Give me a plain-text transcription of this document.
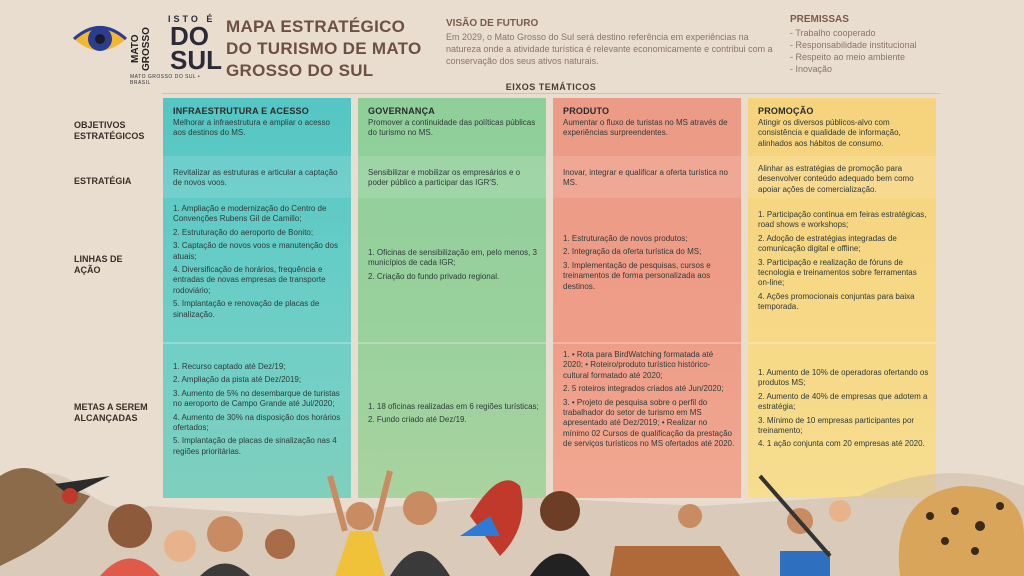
ISTO É
MATO GROSSO DO
SUL
MATO GROSSO DO SUL • BRASIL
MAPA ESTRATÉGICO DO TURISMO DE MATO GROSSO DO SUL
VISÃO DE FUTURO

Em 2029, o Mato Grosso do Sul será destino referência em experiências na natureza onde a atividade turística é relevante economicamente e contribui com a conservação dos seus ativos naturais.

PREMISSAS
- Trabalho cooperado
- Responsabilidade institucional
- Respeito ao meio ambiente
- Inovação
EIXOS TEMÁTICOS
OBJETIVOS ESTRATÉGICOS
ESTRATÉGIA
LINHAS DE AÇÃO
METAS A SEREM ALCANÇADAS
INFRAESTRUTURA E ACESSO
Melhorar a infraestrutura e ampliar o acesso aos destinos do MS.
Revitalizar as estruturas e articular a captação de novos voos.
1. Ampliação e modernização do Centro de Convenções Rubens Gil de Camillo;
2. Estruturação do aeroporto de Bonito;
3. Captação de novos voos e manutenção dos atuais;
4. Diversificação de horários, frequência e entradas de novas empresas de transporte rodoviário;
5. Implantação e renovação de placas de sinalização.
1. Recurso captado até Dez/19;
2. Ampliação da pista até Dez/2019;
3. Aumento de 5% no desembarque de turistas no aeroporto de Campo Grande até Jul/2020;
4. Aumento de 30% na disposição dos horários ofertados;
5. Implantação de placas de sinalização nas 4 regiões prioritárias.
GOVERNANÇA
Promover a continuidade das políticas públicas do turismo no MS.
Sensibilizar e mobilizar os empresários e o poder público a participar das IGR'S.
1. Oficinas de sensibilização em, pelo menos, 3 municípios de cada IGR;
2. Criação do fundo privado regional.
1. 18 oficinas realizadas em 6 regiões turísticas;
2. Fundo criado até Dez/19.
PRODUTO
Aumentar o fluxo de turistas no MS através de experiências surpreendentes.
Inovar, integrar e qualificar a oferta turística no MS.
1. Estruturação de novos produtos;
2. Integração da oferta turística do MS;
3. Implementação de pesquisas, cursos e treinamentos de forma personalizada aos destinos.
1. • Rota para BirdWatching formatada até 2020; • Roteiro/produto turístico histórico-cultural formatado até 2020;
2. 5 roteiros integrados criados até Jun/2020;
3. • Projeto de pesquisa sobre o perfil do trabalhador do setor de turismo em MS apresentado até Dez/2019; • Realizar no mínimo 02 Cursos de qualificação da prestação de serviços turísticos no MS ofertados até 2020.
PROMOÇÃO
Atingir os diversos públicos-alvo com consistência e qualidade de informação, alinhados aos hábitos de consumo.
Alinhar as estratégias de promoção para desenvolver conteúdo adequado bem como apoiar ações de comercialização.
1. Participação contínua em feiras estratégicas, road shows e workshops;
2. Adoção de estratégias integradas de comunicação digital e offline;
3. Participação e realização de fóruns de tecnologia e treinamentos sobre ferramentas on-line;
4. Ações promocionais conjuntas para baixa temporada.
1. Aumento de 10% de operadoras ofertando os produtos MS;
2. Aumento de 40% de empresas que adotem a estratégia;
3. Mínimo de 10 empresas participantes por treinamento;
4. 1 ação conjunta com 20 empresas até 2020.
